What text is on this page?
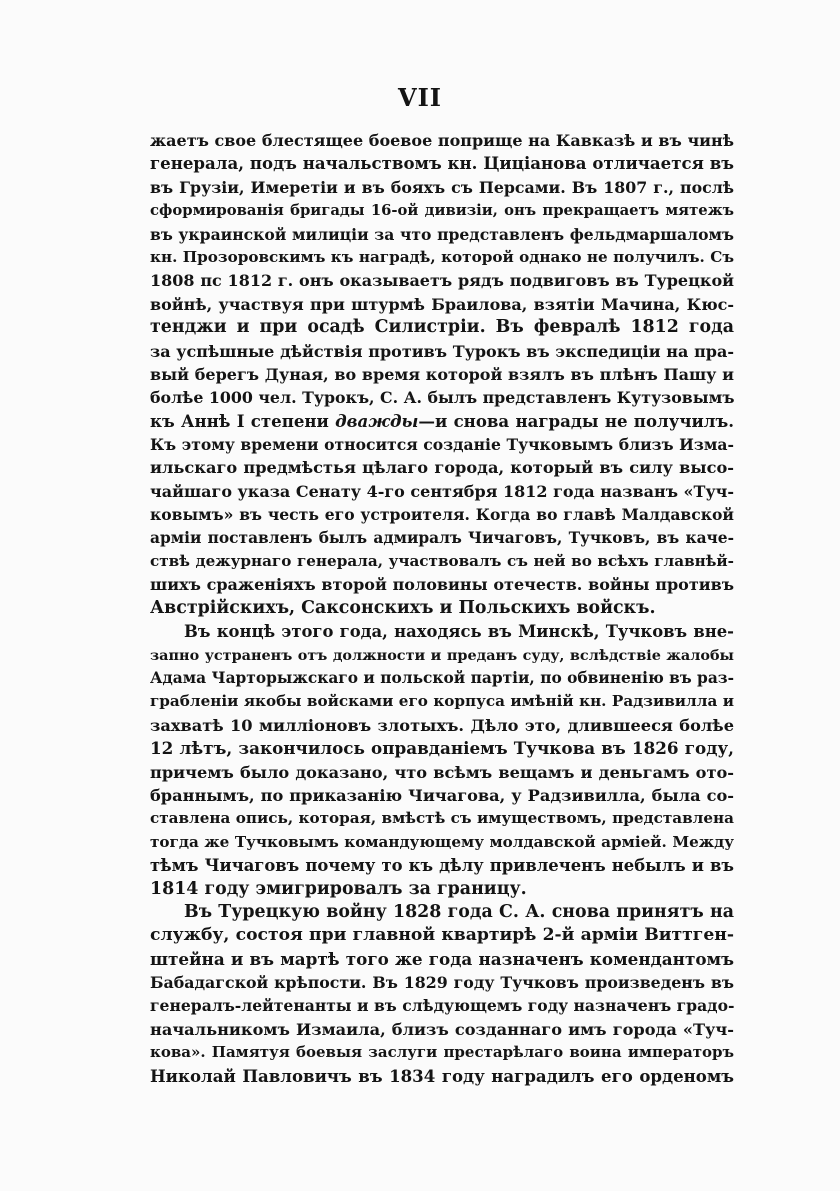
VII
жаетъ свое блестящее боевое поприще на Кавказѣ и въ чинѣ
генерала, подъ начальствомъ кн. Цицiанова отличается въ
въ Грузiи, Имеретiи и въ бояхъ съ Персами. Въ 1807 г., послѣ
сформированiя бригады 16-ой дивизiи, онъ прекращаетъ мятежъ
въ украинской милицiи за что представленъ фельдмаршаломъ
кн. Прозоровскимъ къ наградѣ, которой однако не получилъ. Съ
1808 пс 1812 г. онъ оказываетъ рядъ подвиговъ въ Турецкой
войнѣ, участвуя при штурмѣ Браилова, взятiи Мачина, Кюс-
тенджи и при осадѣ Силистрiи. Въ февралѣ 1812 года
за успѣшные дѣйствiя противъ Турокъ въ экспедицiи на пра-
вый берегъ Дуная, во время которой взялъ въ плѣнъ Пашу и
болѣе 1000 чел. Турокъ, С. А. былъ представленъ Кутузовымъ
къ Аннѣ I степени дважды—и снова награды не получилъ.
Къ этому времени относится созданiе Тучковымъ близъ Изма-
ильскаго предмѣстья цѣлаго города, который въ силу высо-
чайшаго указа Сенату 4-го сентября 1812 года названъ «Туч-
ковымъ» въ честь его устроителя. Когда во главѣ Малдавской
армiи поставленъ былъ адмиралъ Чичаговъ, Тучковъ, въ каче-
ствѣ дежурнаго генерала, участвовалъ съ ней во всѣхъ главнѣй-
шихъ сраженiяхъ второй половины отечеств. войны противъ
Австрiйскихъ, Саксонскихъ и Польскихъ войскъ.
Въ концѣ этого года, находясь въ Минскѣ, Тучковъ вне-
запно устраненъ отъ должности и преданъ суду, вслѣдствiе жалобы
Адама Чарторыжскаго и польской партiи, по обвиненiю въ раз-
грабленiи якобы войсками его корпуса имѣнiй кн. Радзивилла и
захватѣ 10 миллiоновъ злотыхъ. Дѣло это, длившееся болѣе
12 лѣтъ, закончилось оправданiемъ Тучкова въ 1826 году,
причемъ было доказано, что всѣмъ вещамъ и деньгамъ ото-
браннымъ, по приказанiю Чичагова, у Радзивилла, была со-
ставлена опись, которая, вмѣстѣ съ имуществомъ, представлена
тогда же Тучковымъ командующему молдавской армiей. Между
тѣмъ Чичаговъ почему то къ дѣлу привлеченъ небылъ и въ
1814 году эмигрировалъ за границу.
Въ Турецкую войну 1828 года С. А. снова принятъ на
службу, состоя при главной квартирѣ 2-й армiи Виттген-
штейна и въ мартѣ того же года назначенъ комендантомъ
Бабадагской крѣпости. Въ 1829 году Тучковъ произведенъ въ
генералъ-лейтенанты и въ слѣдующемъ году назначенъ градо-
начальникомъ Измаила, близъ созданнаго имъ города «Туч-
кова». Памятуя боевыя заслуги престарѣлаго воина императоръ
Николай Павловичъ въ 1834 году наградилъ его орденомъ
